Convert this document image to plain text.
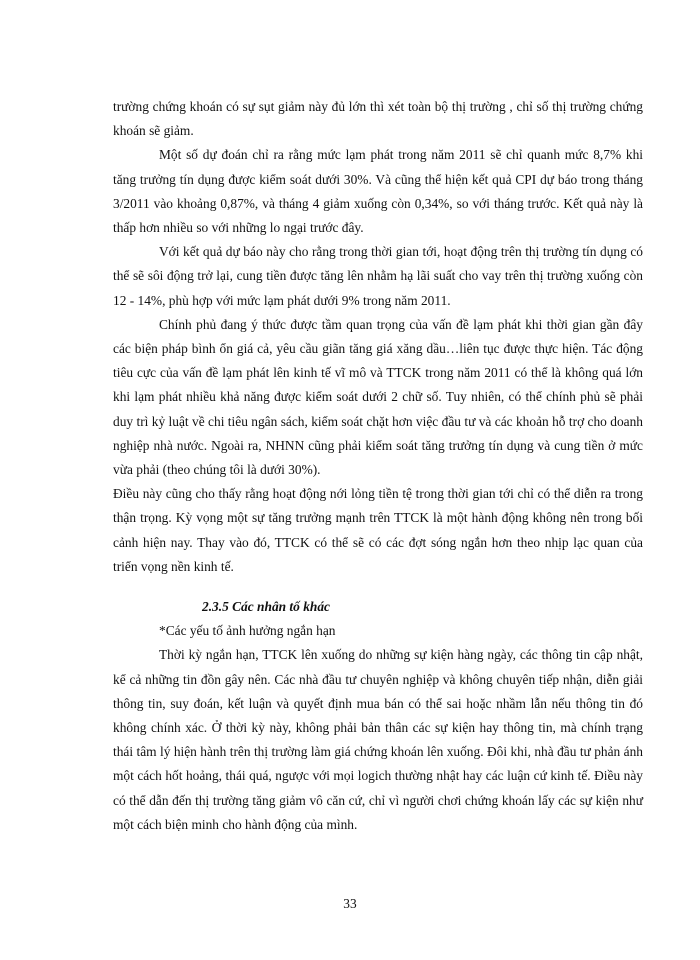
trường chứng khoán có sự sụt giảm này đủ lớn thì xét toàn bộ thị trường , chỉ số thị trường chứng khoán sẽ giảm.

Một số dự đoán chỉ ra rằng mức lạm phát trong năm 2011 sẽ chỉ quanh mức 8,7% khi tăng trưởng tín dụng được kiểm soát dưới 30%. Và cũng thể hiện kết quả CPI dự báo trong tháng 3/2011 vào khoảng 0,87%, và tháng 4 giảm xuống còn 0,34%, so với tháng trước. Kết quả này là thấp hơn nhiều so với những lo ngại trước đây.

Với kết quả dự báo này cho rằng trong thời gian tới, hoạt động trên thị trường tín dụng có thể sẽ sôi động trở lại, cung tiền được tăng lên nhằm hạ lãi suất cho vay trên thị trường xuống còn 12 - 14%, phù hợp với mức lạm phát dưới 9% trong năm 2011.

Chính phủ đang ý thức được tầm quan trọng của vấn đề lạm phát khi thời gian gần đây các biện pháp bình ổn giá cả, yêu cầu giãn tăng giá xăng dầu…liên tục được thực hiện. Tác động tiêu cực của vấn đề lạm phát lên kinh tế vĩ mô và TTCK trong năm 2011 có thể là không quá lớn khi lạm phát nhiều khả năng được kiểm soát dưới 2 chữ số. Tuy nhiên, có thể chính phủ sẽ phải duy trì kỷ luật về chi tiêu ngân sách, kiểm soát chặt hơn việc đầu tư và các khoản hỗ trợ cho doanh nghiệp nhà nước. Ngoài ra, NHNN cũng phải kiểm soát tăng trưởng tín dụng và cung tiền ở mức vừa phải (theo chúng tôi là dưới 30%).

Điều này cũng cho thấy rằng hoạt động nới lỏng tiền tệ trong thời gian tới chỉ có thể diễn ra trong thận trọng. Kỳ vọng một sự tăng trưởng mạnh trên TTCK là một hành động không nên trong bối cảnh hiện nay. Thay vào đó, TTCK có thể sẽ có các đợt sóng ngắn hơn theo nhịp lạc quan của triển vọng nền kinh tế.

2.3.5 Các nhân tố khác

*Các yếu tố ảnh hưởng ngắn hạn

Thời kỳ ngắn hạn, TTCK lên xuống do những sự kiện hàng ngày, các thông tin cập nhật, kể cả những tin đồn gây nên. Các nhà đầu tư chuyên nghiệp và không chuyên tiếp nhận, diễn giải thông tin, suy đoán, kết luận và quyết định mua bán có thể sai hoặc nhầm lẫn nếu thông tin đó không chính xác. Ở thời kỳ này, không phải bản thân các sự kiện hay thông tin, mà chính trạng thái tâm lý hiện hành trên thị trường làm giá chứng khoán lên xuống. Đôi khi, nhà đầu tư phản ánh một cách hốt hoảng, thái quá, ngược với mọi logich thường nhật hay các luận cứ kinh tế. Điều này có thể dẫn đến thị trường tăng giảm vô căn cứ, chỉ vì người chơi chứng khoán lấy các sự kiện như một cách biện minh cho hành động của mình.

33
